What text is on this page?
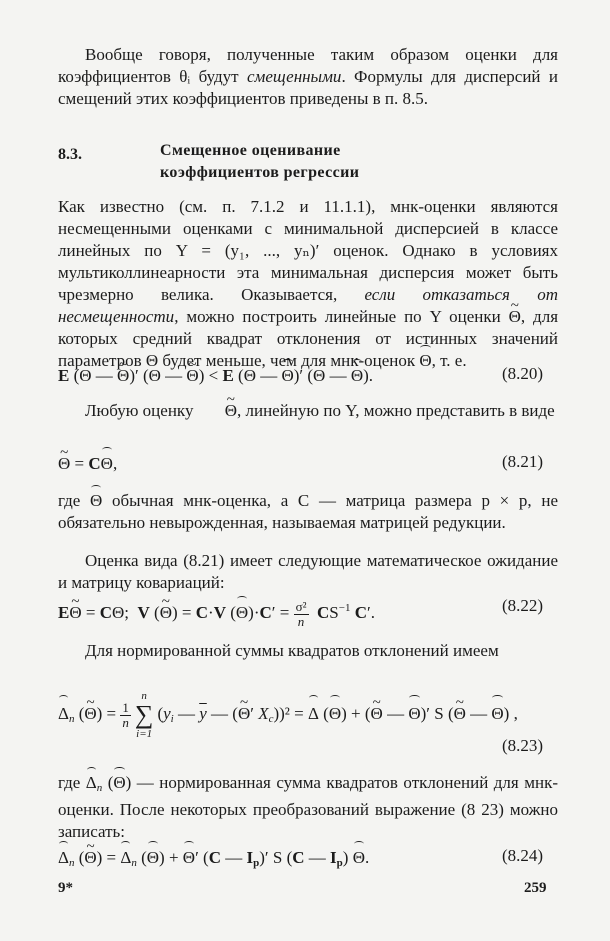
Вообще говоря, полученные таким образом оценки для коэффициентов θᵢ будут смещенными. Формулы для дисперсий и смещений этих коэффициентов приведены в п. 8.5.

8.3.	Смещенное оценивание
коэффициентов регрессии

Как известно (см. п. 7.1.2 и 11.1.1), мнк-оценки являются несмещенными оценками с минимальной дисперсией в классе линейных по Y = (y₁, ..., yₙ)′ оценок. Однако в условиях мультиколлинеарности эта минимальная дисперсия может быть чрезмерно велика. Оказывается, если отказаться от несмещенности, можно построить линейные по Y оценки ~ Θ, для которых средний квадрат отклонения от истинных значений параметров Θ будет меньше, чем для мнк-оценок Θ, т. е.

E (Θ — ~ Θ)′ (Θ — ~ Θ) < E (Θ — Θ)′ (Θ — Θ).	(8.20)

Любую оценку ~ Θ, линейную по Y, можно представить в виде

~ Θ = CΘ,	(8.21)

где Θ обычная мнк-оценка, а C — матрица размера p × p, не обязательно невырожденная, называемая матрицей редукции.

Оценка вида (8.21) имеет следующие математическое ожидание и матрицу ковариаций:

E~ Θ = CΘ;  V (~ Θ) = C·V $(\Theta)\cdot C' = \frac{\text{σ²}}{n} CS^{-1}$ C′.	(8.22)

Для нормированной суммы квадратов отклонений имеем

$\Delta_n$ (~ $\Theta) = \frac{1}{n}$
n
∑
i=1
($y_i$ — $\overline{y}$ — (~ Θ′ $X_c))^2 = \Delta$ (Θ) + (~ Θ — Θ)′ S (~ Θ — Θ) ,
(8.23)

где $\Delta_n$ (Θ) — нормированная сумма квадратов отклонений для мнк-оценки. После некоторых преобразований выражение (8 23) можно записать:

$\Delta_n$ (~ $\Theta) = \Delta_n$ (Θ) + Θ′ (C — $I_p)'$ S (C — $I_p$) Θ.	(8.24)
9*	259
